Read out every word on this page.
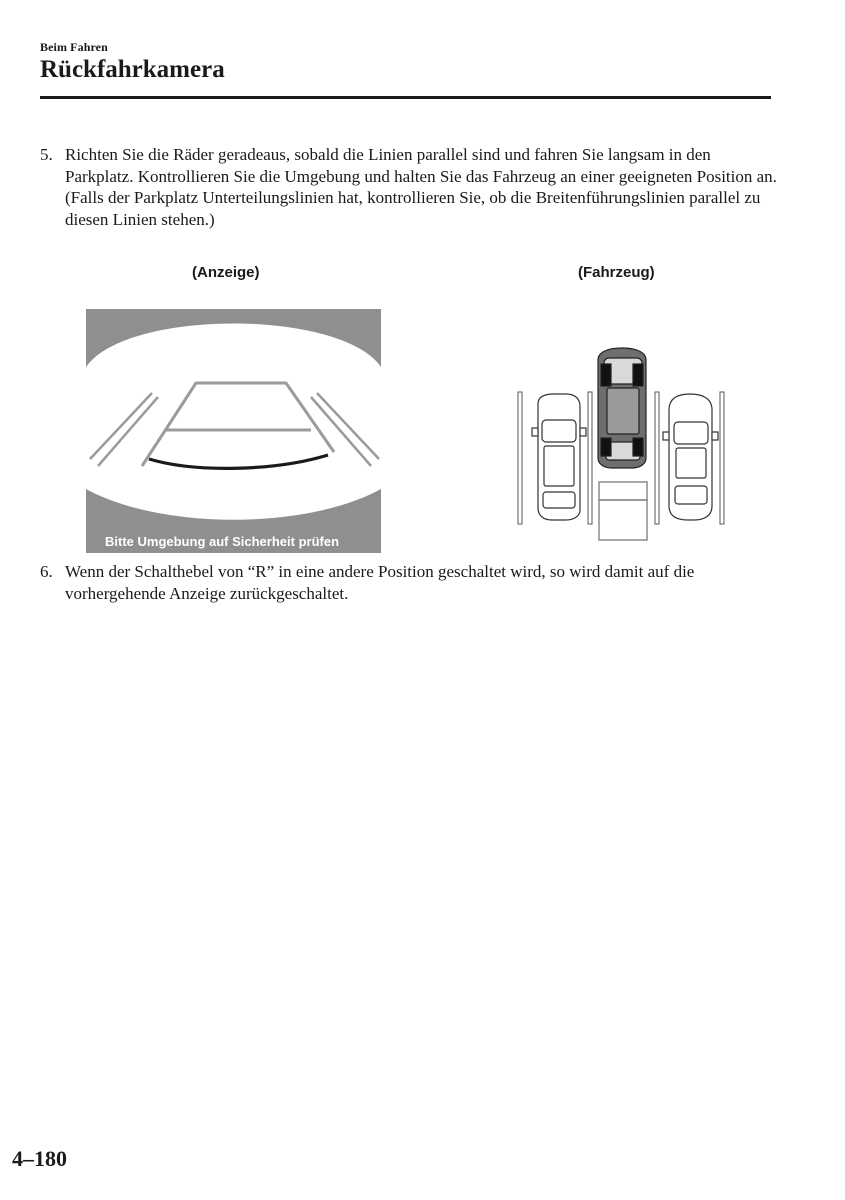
Beim Fahren
Rückfahrkamera
5. Richten Sie die Räder geradeaus, sobald die Linien parallel sind und fahren Sie langsam in den Parkplatz. Kontrollieren Sie die Umgebung und halten Sie das Fahrzeug an einer geeigneten Position an. (Falls der Parkplatz Unterteilungslinien hat, kontrollieren Sie, ob die Breitenführungslinien parallel zu diesen Linien stehen.)
(Anzeige)	(Fahrzeug)
Bitte Umgebung auf Sicherheit prüfen
6. Wenn der Schalthebel von “R” in eine andere Position geschaltet wird, so wird damit auf die vorhergehende Anzeige zurückgeschaltet.
4–180
